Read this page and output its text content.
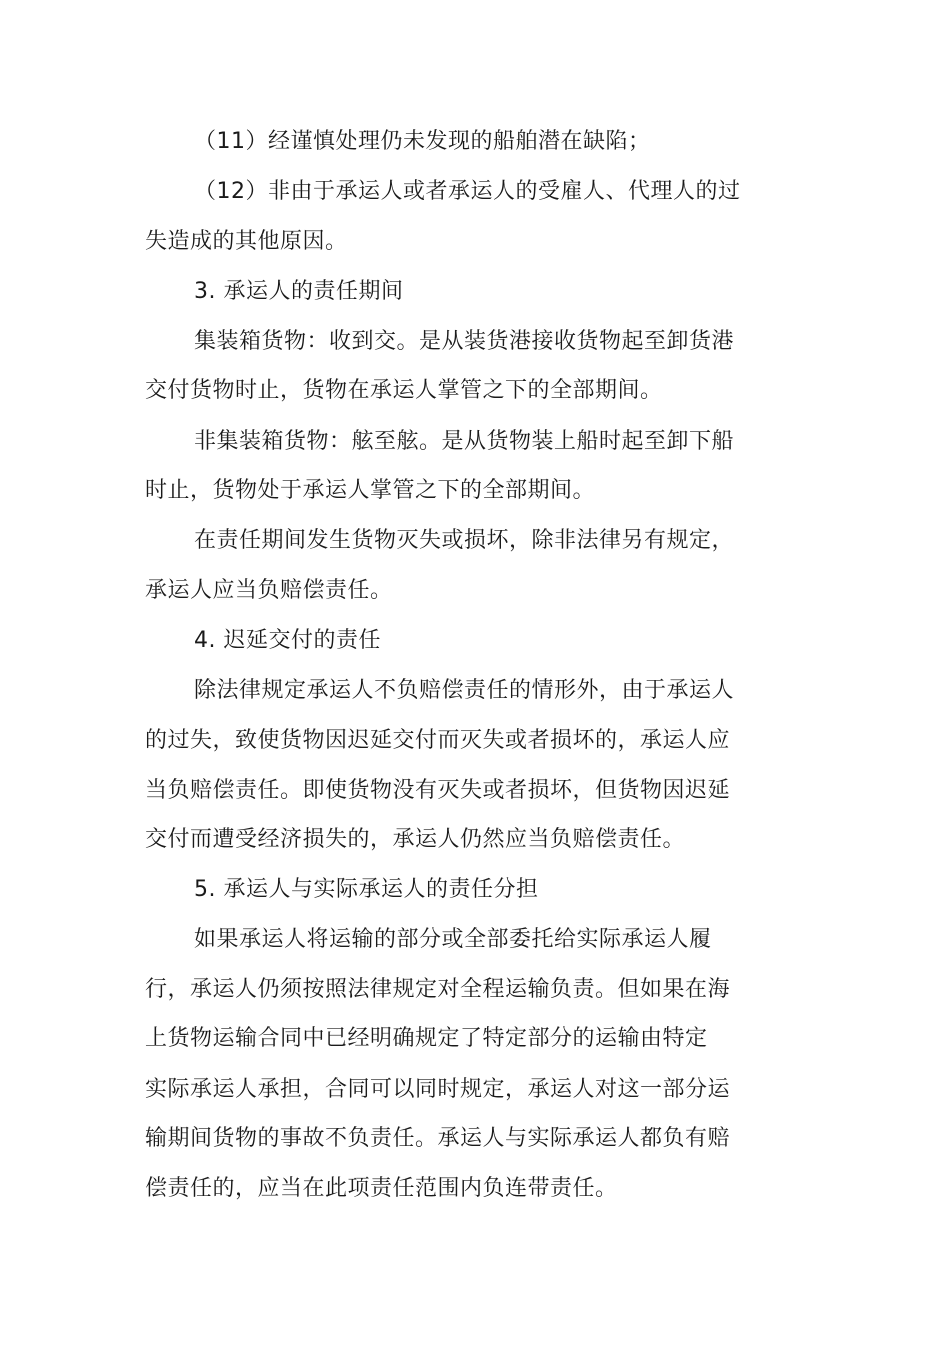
（11）经谨慎处理仍未发现的船舶潜在缺陷；
（12）非由于承运人或者承运人的受雇人、代理人的过
失造成的其他原因。
3. 承运人的责任期间
集装箱货物：收到交。是从装货港接收货物起至卸货港
交付货物时止，货物在承运人掌管之下的全部期间。
非集装箱货物：舷至舷。是从货物装上船时起至卸下船
时止，货物处于承运人掌管之下的全部期间。
在责任期间发生货物灭失或损坏，除非法律另有规定，
承运人应当负赔偿责任。
4. 迟延交付的责任
除法律规定承运人不负赔偿责任的情形外，由于承运人
的过失，致使货物因迟延交付而灭失或者损坏的，承运人应
当负赔偿责任。即使货物没有灭失或者损坏，但货物因迟延
交付而遭受经济损失的，承运人仍然应当负赔偿责任。
5. 承运人与实际承运人的责任分担
如果承运人将运输的部分或全部委托给实际承运人履
行，承运人仍须按照法律规定对全程运输负责。但如果在海
上货物运输合同中已经明确规定了特定部分的运输由特定
实际承运人承担，合同可以同时规定，承运人对这一部分运
输期间货物的事故不负责任。承运人与实际承运人都负有赔
偿责任的，应当在此项责任范围内负连带责任。
